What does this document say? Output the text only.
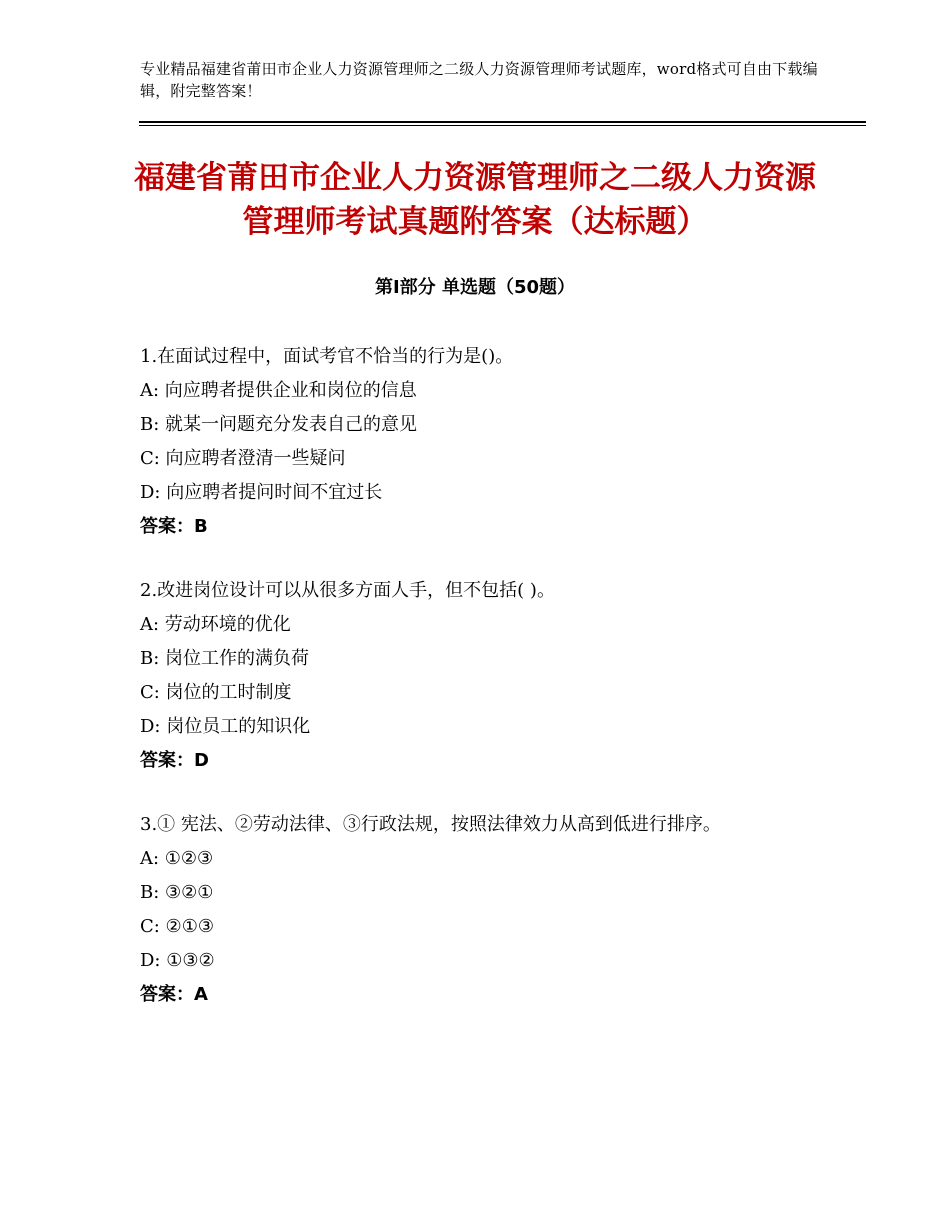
专业精品福建省莆田市企业人力资源管理师之二级人力资源管理师考试题库，word格式可自由下载编辑，附完整答案！
福建省莆田市企业人力资源管理师之二级人力资源管理师考试真题附答案（达标题）
第Ⅰ部分 单选题（50题）

1.在面试过程中，面试考官不恰当的行为是()。

A: 向应聘者提供企业和岗位的信息

B: 就某一问题充分发表自己的意见

C: 向应聘者澄清一些疑问

D: 向应聘者提问时间不宜过长

答案：B

2.改进岗位设计可以从很多方面人手，但不包括( )。

A: 劳动环境的优化

B: 岗位工作的满负荷

C: 岗位的工时制度

D: 岗位员工的知识化

答案：D

3.① 宪法、②劳动法律、③行政法规，按照法律效力从高到低进行排序。

A: ①②③

B: ③②①

C: ②①③

D: ①③②

答案：A
